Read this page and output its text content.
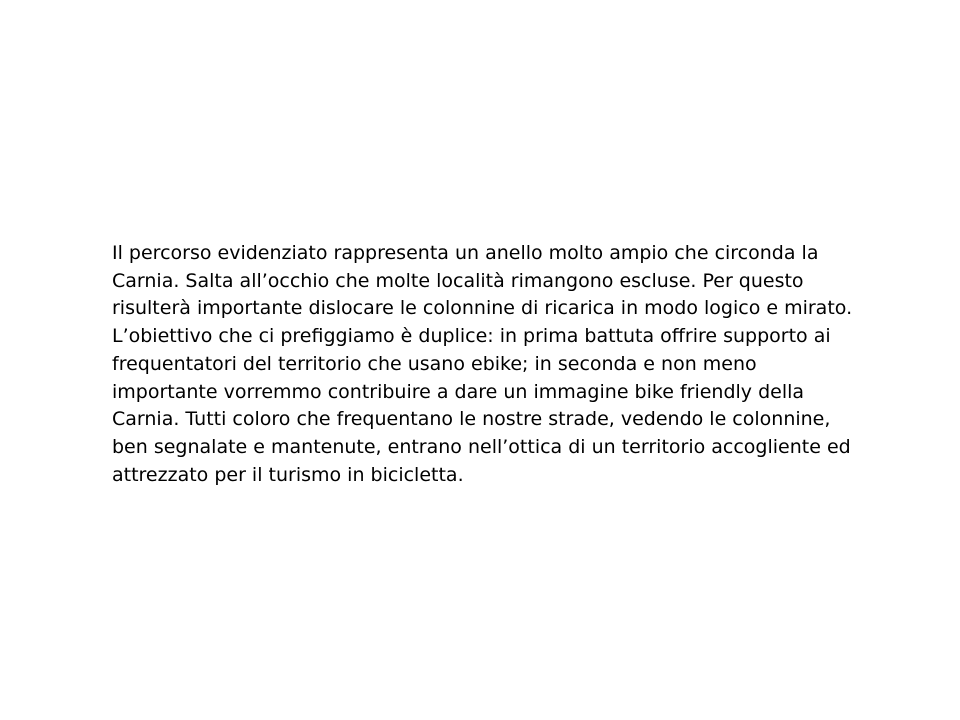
Il percorso evidenziato rappresenta un anello molto ampio che circonda la
Carnia. Salta all’occhio che molte località rimangono escluse. Per questo
risulterà importante dislocare le colonnine di ricarica in modo logico e mirato.
L’obiettivo che ci prefiggiamo è duplice: in prima battuta offrire supporto ai
frequentatori del territorio che usano ebike; in seconda e non meno
importante vorremmo contribuire a dare un immagine bike friendly della
Carnia. Tutti coloro che frequentano le nostre strade, vedendo le colonnine,
ben segnalate e mantenute, entrano nell’ottica di un territorio accogliente ed
attrezzato per il turismo in bicicletta.
